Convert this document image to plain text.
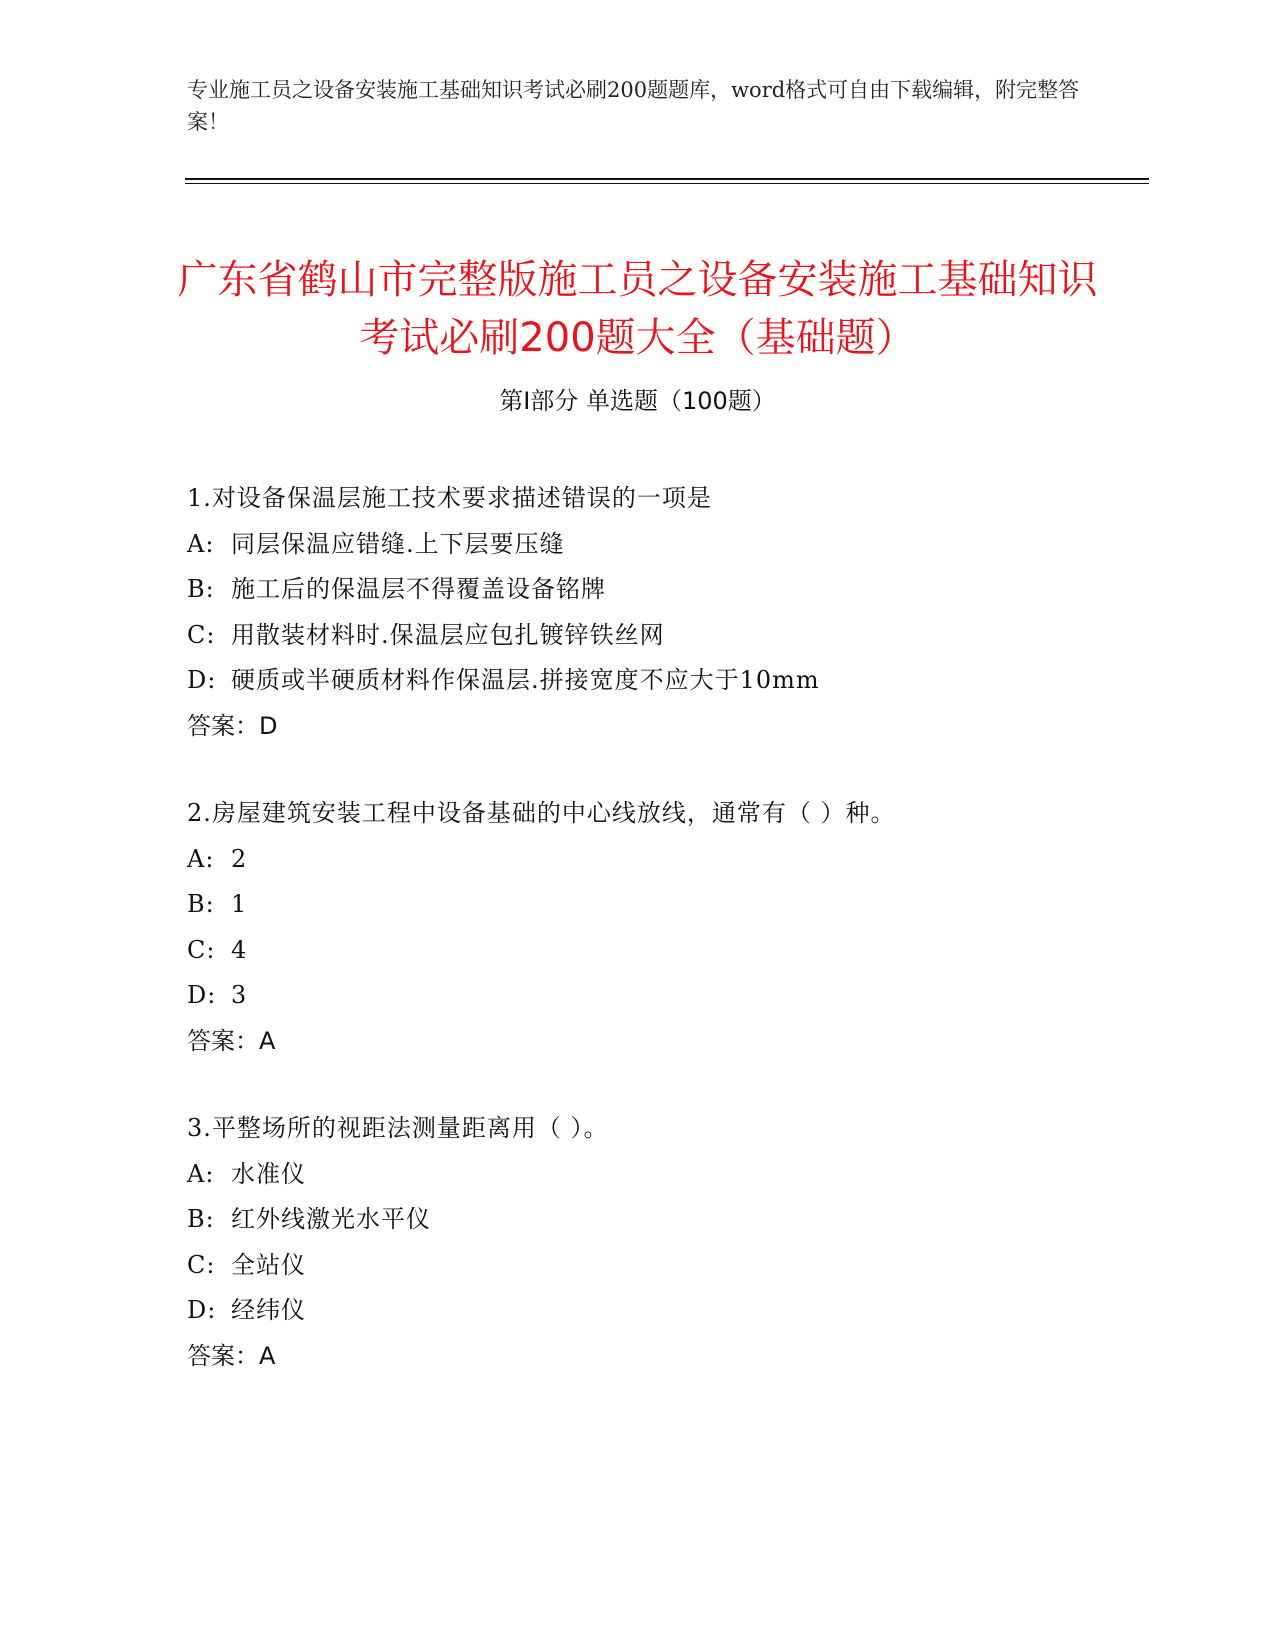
专业施工员之设备安装施工基础知识考试必刷200题题库，word格式可自由下载编辑，附完整答案！
广东省鹤山市完整版施工员之设备安装施工基础知识考试必刷200题大全（基础题）
第Ⅰ部分 单选题（100题）
1.对设备保温层施工技术要求描述错误的一项是
A: 同层保温应错缝.上下层要压缝
B: 施工后的保温层不得覆盖设备铭牌
C: 用散装材料时.保温层应包扎镀锌铁丝网
D: 硬质或半硬质材料作保温层.拼接宽度不应大于10mm
答案：D
2.房屋建筑安装工程中设备基础的中心线放线，通常有（ ）种。
A: 2
B: 1
C: 4
D: 3
答案：A
3.平整场所的视距法测量距离用（ ）。
A: 水准仪
B: 红外线激光水平仪
C: 全站仪
D: 经纬仪
答案：A
